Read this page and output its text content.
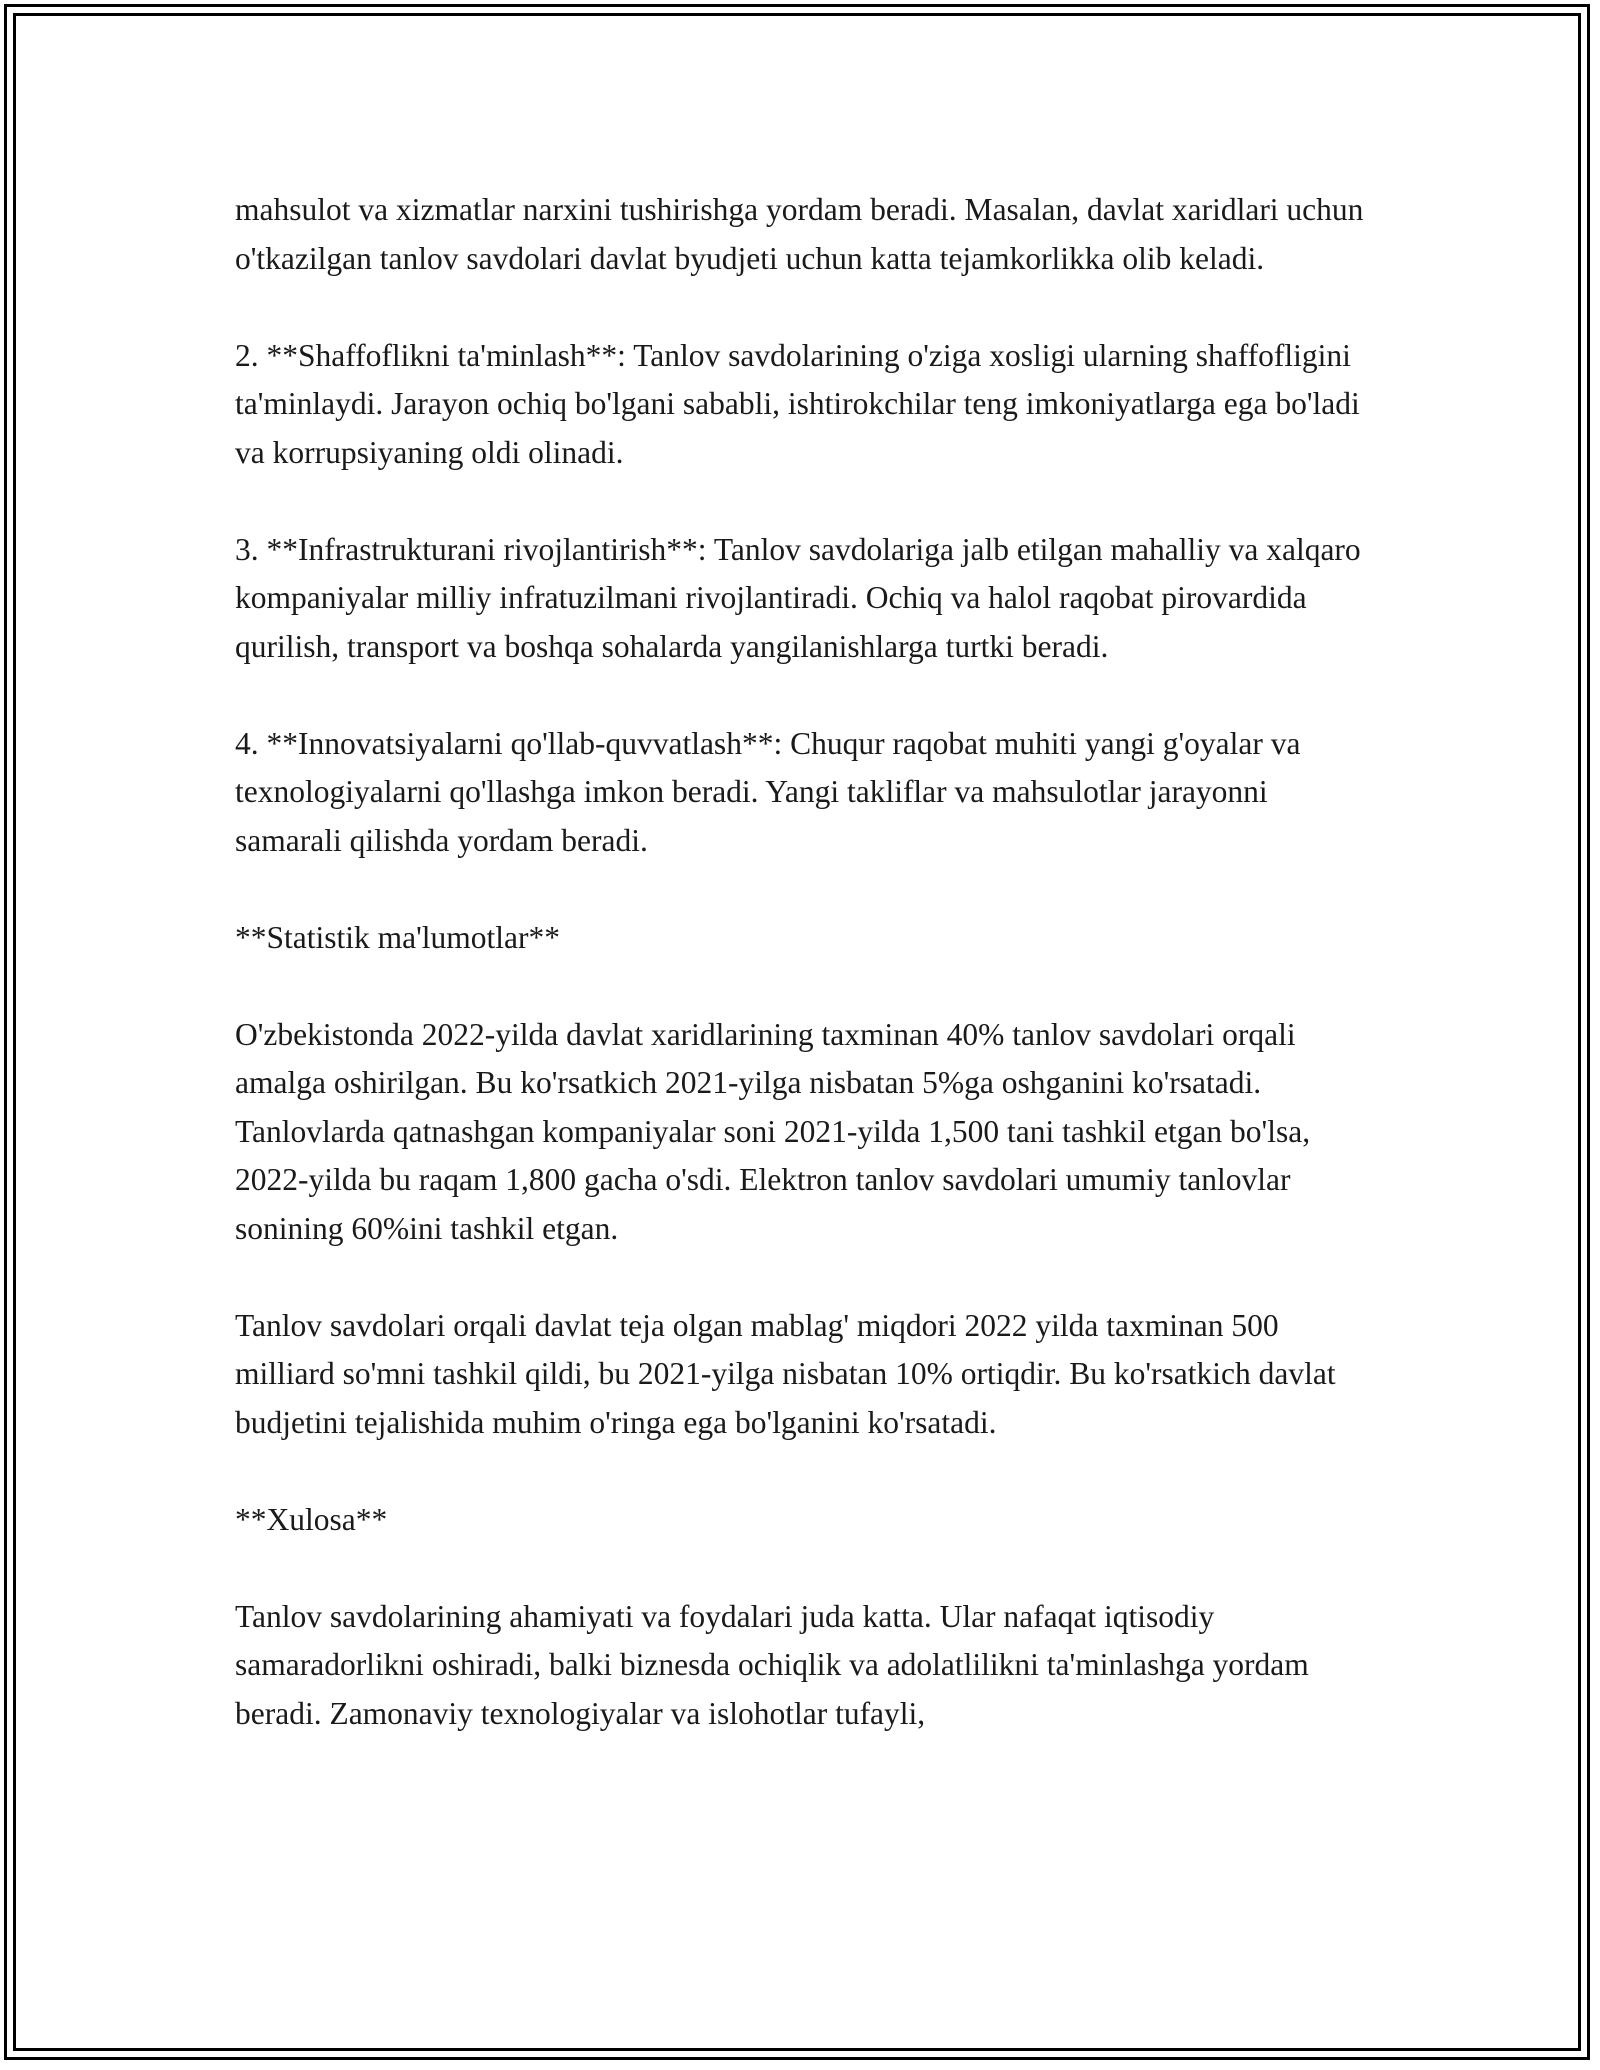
mahsulot va xizmatlar narxini tushirishga yordam beradi. Masalan, davlat xaridlari uchun o'tkazilgan tanlov savdolari davlat byudjeti uchun katta tejamkorlikka olib keladi.

2. **Shaffoflikni ta'minlash**: Tanlov savdolarining o'ziga xosligi ularning shaffofligini ta'minlaydi. Jarayon ochiq bo'lgani sababli, ishtirokchilar teng imkoniyatlarga ega bo'ladi va korrupsiyaning oldi olinadi.

3. **Infrastrukturani rivojlantirish**: Tanlov savdolariga jalb etilgan mahalliy va xalqaro kompaniyalar milliy infratuzilmani rivojlantiradi. Ochiq va halol raqobat pirovardida qurilish, transport va boshqa sohalarda yangilanishlarga turtki beradi.

4. **Innovatsiyalarni qo'llab-quvvatlash**: Chuqur raqobat muhiti yangi g'oyalar va texnologiyalarni qo'llashga imkon beradi. Yangi takliflar va mahsulotlar jarayonni samarali qilishda yordam beradi.

**Statistik ma'lumotlar**

O'zbekistonda 2022-yilda davlat xaridlarining taxminan 40% tanlov savdolari orqali amalga oshirilgan. Bu ko'rsatkich 2021-yilga nisbatan 5%ga oshganini ko'rsatadi. Tanlovlarda qatnashgan kompaniyalar soni 2021-yilda 1,500 tani tashkil etgan bo'lsa, 2022-yilda bu raqam 1,800 gacha o'sdi. Elektron tanlov savdolari umumiy tanlovlar sonining 60%ini tashkil etgan.

Tanlov savdolari orqali davlat teja olgan mablag' miqdori 2022 yilda taxminan 500 milliard so'mni tashkil qildi, bu 2021-yilga nisbatan 10% ortiqdir. Bu ko'rsatkich davlat budjetini tejalishida muhim o'ringa ega bo'lganini ko'rsatadi.

**Xulosa**

Tanlov savdolarining ahamiyati va foydalari juda katta. Ular nafaqat iqtisodiy samaradorlikni oshiradi, balki biznesda ochiqlik va adolatlilikni ta'minlashga yordam beradi. Zamonaviy texnologiyalar va islohotlar tufayli,
